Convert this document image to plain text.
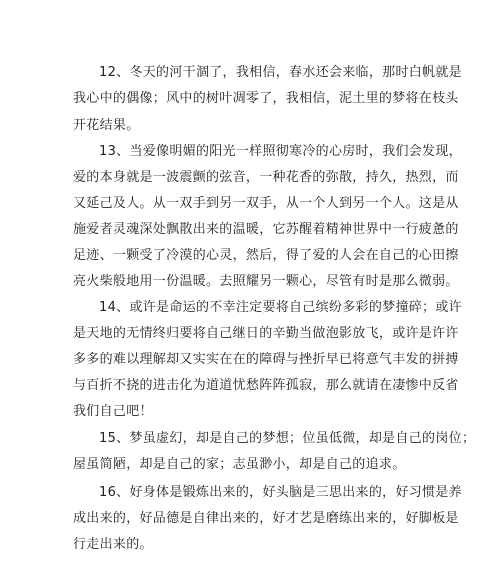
12、冬天的河干涸了，我相信，春水还会来临，那时白帆就是
我心中的偶像；风中的树叶凋零了，我相信，泥土里的梦将在枝头
开花结果。
13、当爱像明媚的阳光一样照彻寒冷的心房时，我们会发现，
爱的本身就是一波震颤的弦音，一种花香的弥散，持久，热烈，而
又延己及人。从一双手到另一双手，从一个人到另一个人。这是从
施爱者灵魂深处飘散出来的温暖，它苏醒着精神世界中一行疲惫的
足迹、一颗受了冷漠的心灵，然后，得了爱的人会在自己的心田擦
亮火柴般地用一份温暖。去照耀另一颗心，尽管有时是那么微弱。
14、或许是命运的不幸注定要将自己缤纷多彩的梦撞碎；或许
是天地的无情终归要将自己继日的辛勤当做泡影放飞，或许是许许
多多的难以理解却又实实在在的障碍与挫折早已将意气丰发的拼搏
与百折不挠的进击化为道道忧愁阵阵孤寂，那么就请在凄惨中反省
我们自己吧！
15、梦虽虚幻，却是自己的梦想；位虽低微，却是自己的岗位；
屋虽简陋，却是自己的家；志虽渺小，却是自己的追求。
16、好身体是锻炼出来的，好头脑是三思出来的，好习惯是养
成出来的，好品德是自律出来的，好才艺是磨练出来的，好脚板是
行走出来的。
